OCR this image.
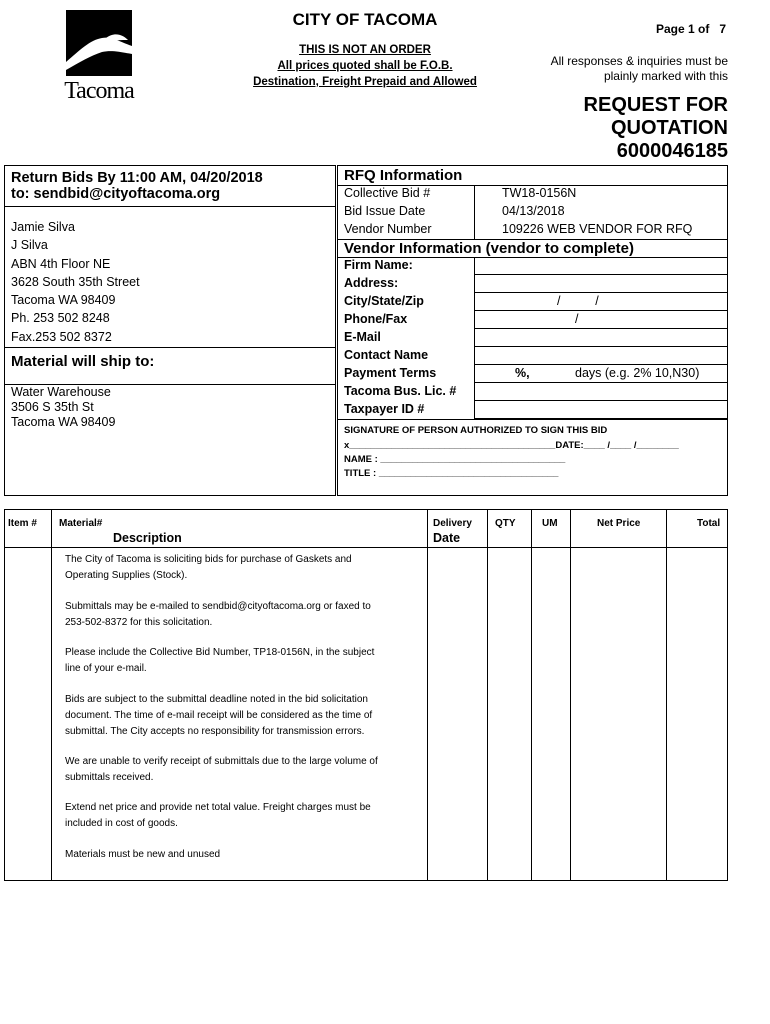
Tacoma
CITY OF TACOMA
THIS IS NOT AN ORDER
All prices quoted shall be F.O.B.
Destination, Freight Prepaid and Allowed
Page 1 of   7
All responses & inquiries must be
plainly marked with this
REQUEST FOR
QUOTATION
6000046185
Return Bids By 11:00 AM, 04/20/2018
to: sendbid@cityoftacoma.org
Jamie Silva
J Silva
ABN 4th Floor NE
3628 South 35th Street
Tacoma WA 98409
Ph. 253 502 8248
Fax.253 502 8372
Material will ship to:
Water Warehouse
3506 S 35th St
Tacoma WA 98409
RFQ Information
Collective Bid #	TW18-0156N
Bid Issue Date	04/13/2018
Vendor Number	109226 WEB VENDOR FOR RFQ
Vendor Information (vendor to complete)
Firm Name:
Address:
City/State/Zip	/          /
Phone/Fax	/
E-Mail
Contact Name
Payment Terms	%,	days (e.g. 2% 10,N30)
Tacoma Bus. Lic. #
Taxpayer ID #
SIGNATURE OF PERSON AUTHORIZED TO SIGN THIS BID
x_______________________________________DATE:____ /____ /________
NAME : ___________________________________
TITLE : __________________________________
Item # Material#
Description
Delivery
Date
QTY	UM	Net Price	Total
The City of Tacoma is soliciting bids for purchase of Gaskets and
Operating Supplies (Stock).
Submittals may be e-mailed to sendbid@cityoftacoma.org or faxed to
253-502-8372 for this solicitation.
Please include the Collective Bid Number, TP18-0156N, in the subject
line of your e-mail.
Bids are subject to the submittal deadline noted in the bid solicitation
document. The time of e-mail receipt will be considered as the time of
submittal. The City accepts no responsibility for transmission errors.
We are unable to verify receipt of submittals due to the large volume of
submittals received.
Extend net price and provide net total value. Freight charges must be
included in cost of goods.
Materials must be new and unused
